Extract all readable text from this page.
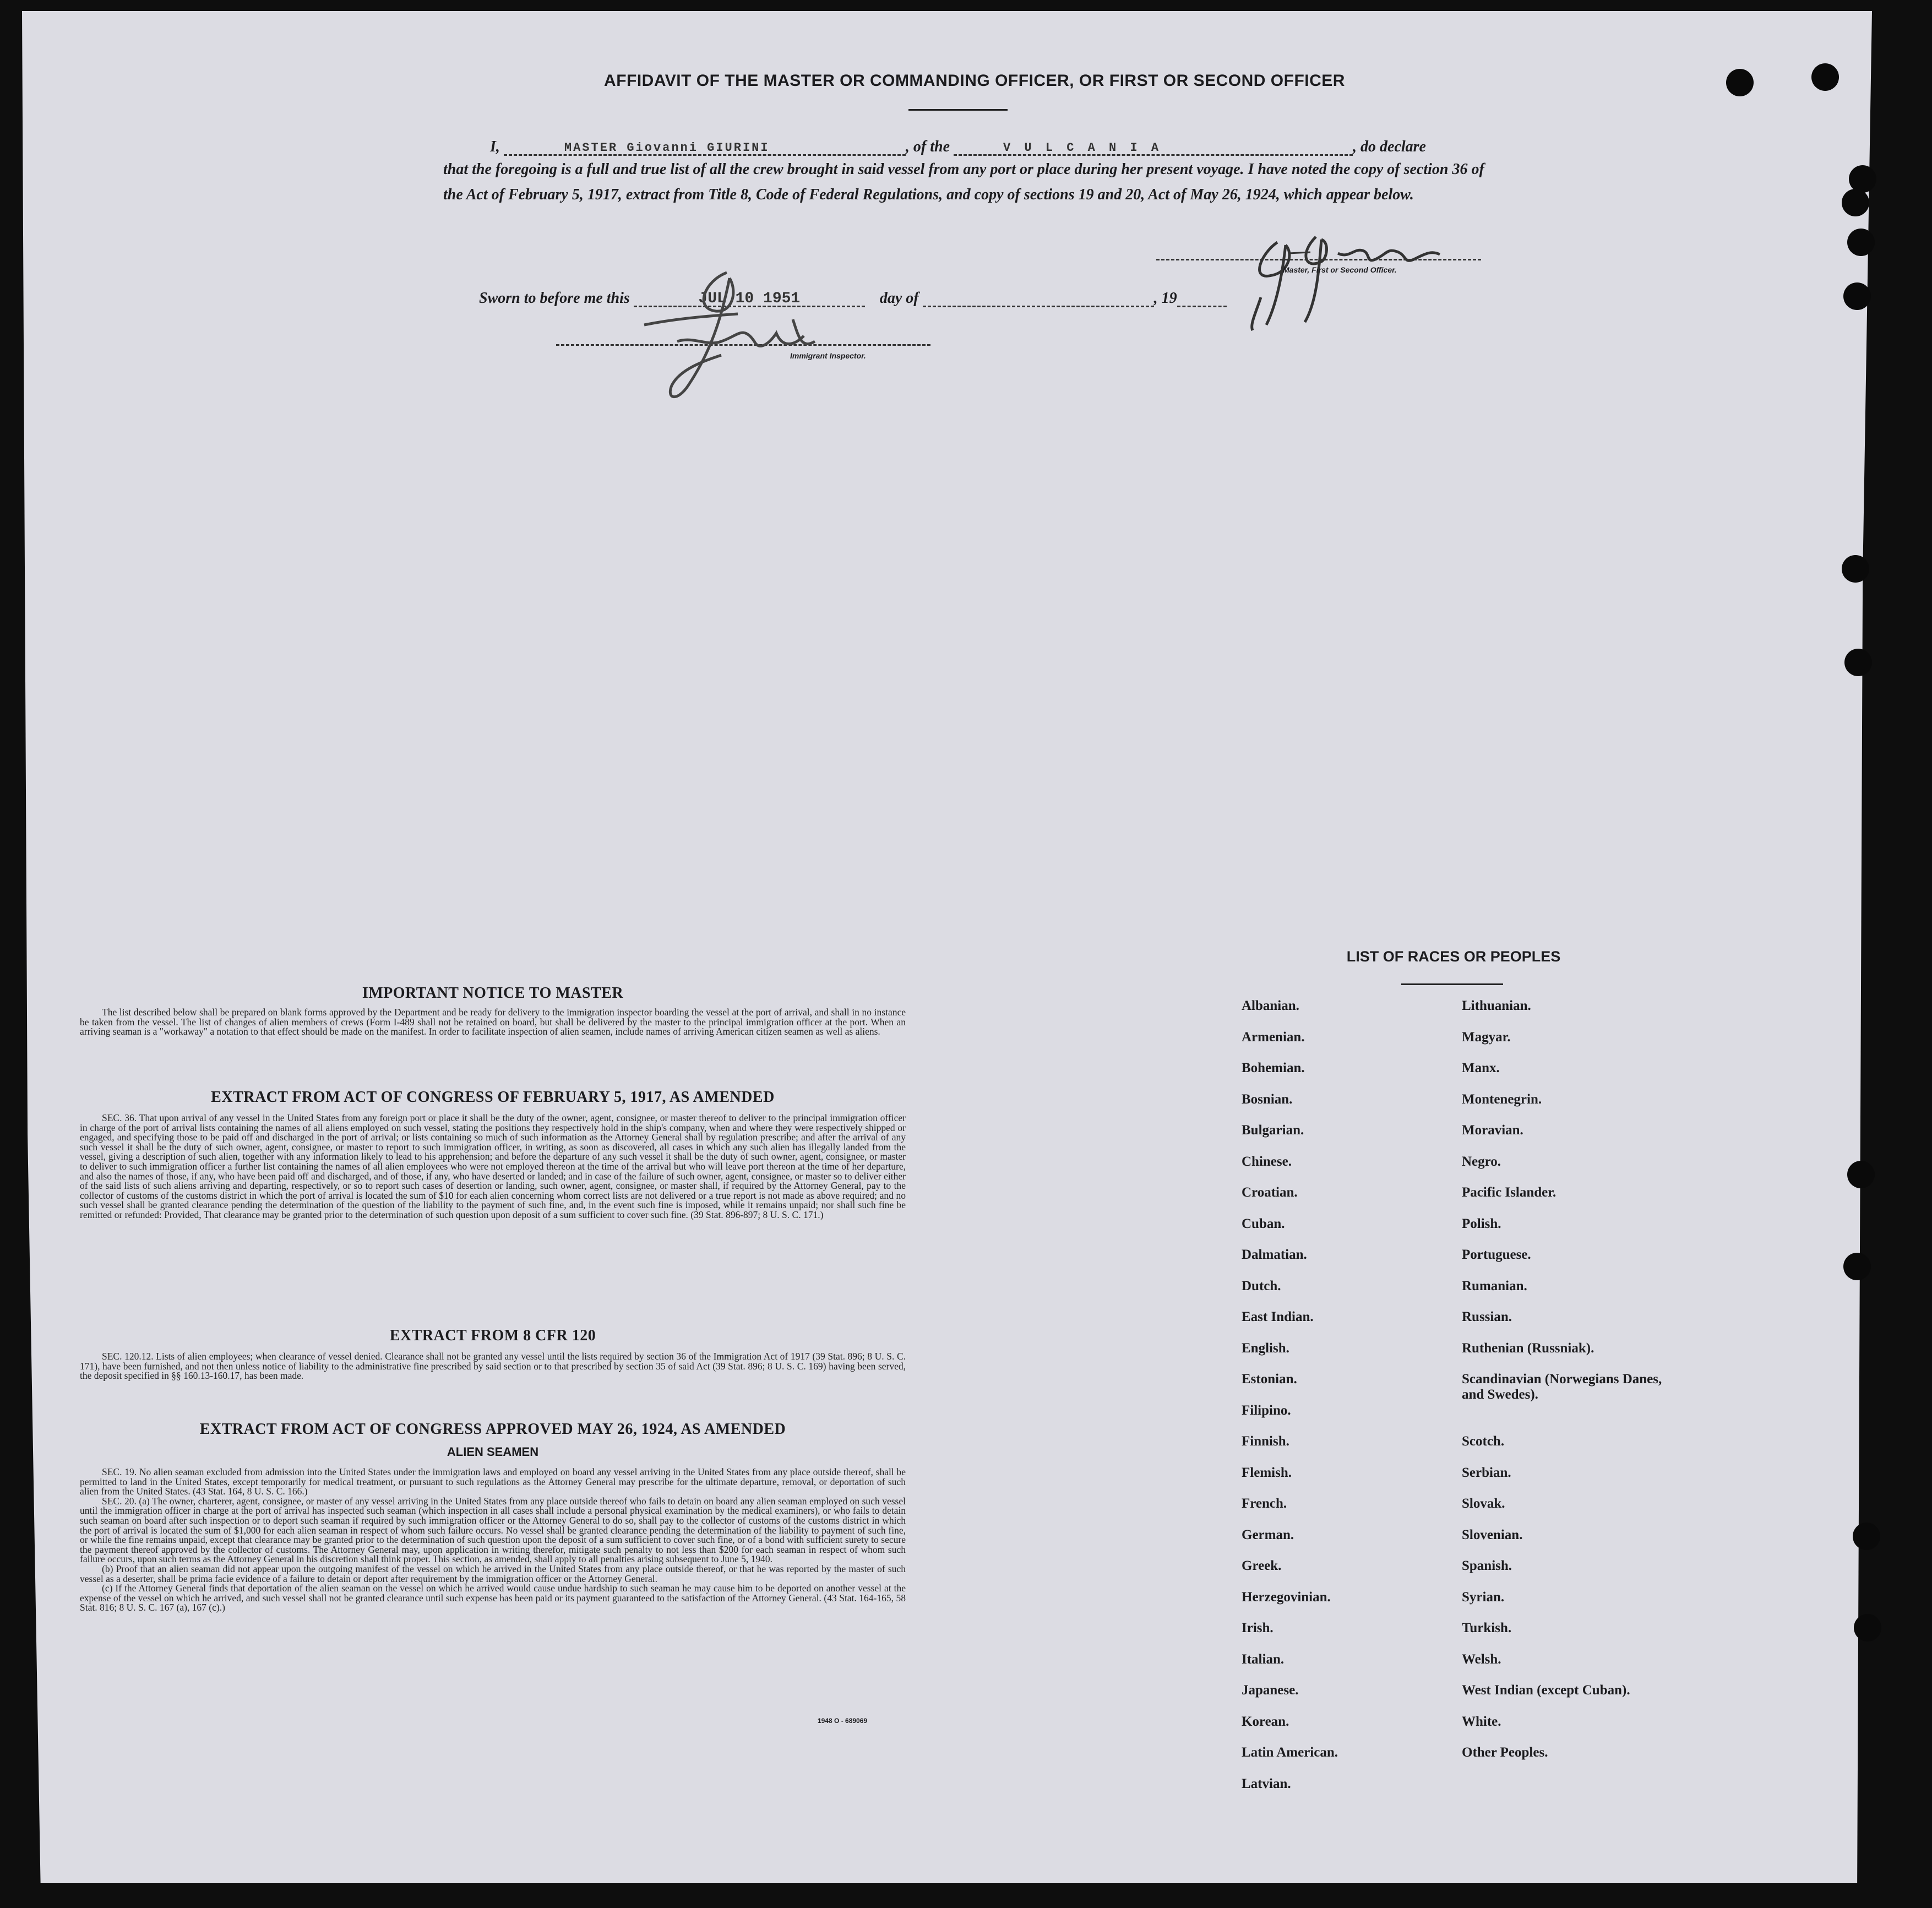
AFFIDAVIT OF THE MASTER OR COMMANDING OFFICER, OR FIRST OR SECOND OFFICER
I,	MASTER Giovanni GIURINI	, of the	V U L C A N I A	, do declare
that the foregoing is a full and true list of all the crew brought in said vessel from any port or place during her present voyage. I have noted the copy of section 36 of the Act of February 5, 1917, extract from Title 8, Code of Federal Regulations, and copy of sections 19 and 20, Act of May 26, 1924, which appear below.
Master, First or Second Officer.
Sworn to before me this	JUL 10 1951	day of	, 19
Immigrant Inspector.
IMPORTANT NOTICE TO MASTER

The list described below shall be prepared on blank forms approved by the Department and be ready for delivery to the immigration inspector boarding the vessel at the port of arrival, and shall in no instance be taken from the vessel. The list of changes of alien members of crews (Form I-489 shall not be retained on board, but shall be delivered by the master to the principal immigration officer at the port. When an arriving seaman is a "workaway" a notation to that effect should be made on the manifest. In order to facilitate inspection of alien seamen, include names of arriving American citizen seamen as well as aliens.

EXTRACT FROM ACT OF CONGRESS OF FEBRUARY 5, 1917, AS AMENDED

SEC. 36. That upon arrival of any vessel in the United States from any foreign port or place it shall be the duty of the owner, agent, consignee, or master thereof to deliver to the principal immigration officer in charge of the port of arrival lists containing the names of all aliens employed on such vessel, stating the positions they respectively hold in the ship's company, when and where they were respectively shipped or engaged, and specifying those to be paid off and discharged in the port of arrival; or lists containing so much of such information as the Attorney General shall by regulation prescribe; and after the arrival of any such vessel it shall be the duty of such owner, agent, consignee, or master to report to such immigration officer, in writing, as soon as discovered, all cases in which any such alien has illegally landed from the vessel, giving a description of such alien, together with any information likely to lead to his apprehension; and before the departure of any such vessel it shall be the duty of such owner, agent, consignee, or master to deliver to such immigration officer a further list containing the names of all alien employees who were not employed thereon at the time of the arrival but who will leave port thereon at the time of her departure, and also the names of those, if any, who have been paid off and discharged, and of those, if any, who have deserted or landed; and in case of the failure of such owner, agent, consignee, or master so to deliver either of the said lists of such aliens arriving and departing, respectively, or so to report such cases of desertion or landing, such owner, agent, consignee, or master shall, if required by the Attorney General, pay to the collector of customs of the customs district in which the port of arrival is located the sum of $10 for each alien concerning whom correct lists are not delivered or a true report is not made as above required; and no such vessel shall be granted clearance pending the determination of the question of the liability to the payment of such fine, and, in the event such fine is imposed, while it remains unpaid; nor shall such fine be remitted or refunded: Provided, That clearance may be granted prior to the determination of such question upon deposit of a sum sufficient to cover such fine. (39 Stat. 896-897; 8 U. S. C. 171.)

EXTRACT FROM 8 CFR 120

SEC. 120.12. Lists of alien employees; when clearance of vessel denied. Clearance shall not be granted any vessel until the lists required by section 36 of the Immigration Act of 1917 (39 Stat. 896; 8 U. S. C. 171), have been furnished, and not then unless notice of liability to the administrative fine prescribed by said section or to that prescribed by section 35 of said Act (39 Stat. 896; 8 U. S. C. 169) having been served, the deposit specified in §§ 160.13-160.17, has been made.

EXTRACT FROM ACT OF CONGRESS APPROVED MAY 26, 1924, AS AMENDED
ALIEN SEAMEN

SEC. 19. No alien seaman excluded from admission into the United States under the immigration laws and employed on board any vessel arriving in the United States from any place outside thereof, shall be permitted to land in the United States, except temporarily for medical treatment, or pursuant to such regulations as the Attorney General may prescribe for the ultimate departure, removal, or deportation of such alien from the United States. (43 Stat. 164, 8 U. S. C. 166.)

SEC. 20. (a) The owner, charterer, agent, consignee, or master of any vessel arriving in the United States from any place outside thereof who fails to detain on board any alien seaman employed on such vessel until the immigration officer in charge at the port of arrival has inspected such seaman (which inspection in all cases shall include a personal physical examination by the medical examiners), or who fails to detain such seaman on board after such inspection or to deport such seaman if required by such immigration officer or the Attorney General to do so, shall pay to the collector of customs of the customs district in which the port of arrival is located the sum of $1,000 for each alien seaman in respect of whom such failure occurs. No vessel shall be granted clearance pending the determination of the liability to payment of such fine, or while the fine remains unpaid, except that clearance may be granted prior to the determination of such question upon the deposit of a sum sufficient to cover such fine, or of a bond with sufficient surety to secure the payment thereof approved by the collector of customs. The Attorney General may, upon application in writing therefor, mitigate such penalty to not less than $200 for each seaman in respect of whom such failure occurs, upon such terms as the Attorney General in his discretion shall think proper. This section, as amended, shall apply to all penalties arising subsequent to June 5, 1940.

(b) Proof that an alien seaman did not appear upon the outgoing manifest of the vessel on which he arrived in the United States from any place outside thereof, or that he was reported by the master of such vessel as a deserter, shall be prima facie evidence of a failure to detain or deport after requirement by the immigration officer or the Attorney General.

(c) If the Attorney General finds that deportation of the alien seaman on the vessel on which he arrived would cause undue hardship to such seaman he may cause him to be deported on another vessel at the expense of the vessel on which he arrived, and such vessel shall not be granted clearance until such expense has been paid or its payment guaranteed to the satisfaction of the Attorney General. (43 Stat. 164-165, 58 Stat. 816; 8 U. S. C. 167 (a), 167 (c).)

1948 O - 689069
LIST OF RACES OR PEOPLES
Albanian.	Lithuanian.
Armenian.	Magyar.
Bohemian.	Manx.
Bosnian.	Montenegrin.
Bulgarian.	Moravian.
Chinese.	Negro.
Croatian.	Pacific Islander.
Cuban.	Polish.
Dalmatian.	Portuguese.
Dutch.	Rumanian.
East Indian.	Russian.
English.	Ruthenian (Russniak).
Estonian.	Scandinavian (Norwegians Danes, and Swedes).
Filipino.
Finnish.	Scotch.
Flemish.	Serbian.
French.	Slovak.
German.	Slovenian.
Greek.	Spanish.
Herzegovinian.	Syrian.
Irish.	Turkish.
Italian.	Welsh.
Japanese.	West Indian (except Cuban).
Korean.	White.
Latin American.	Other Peoples.
Latvian.
